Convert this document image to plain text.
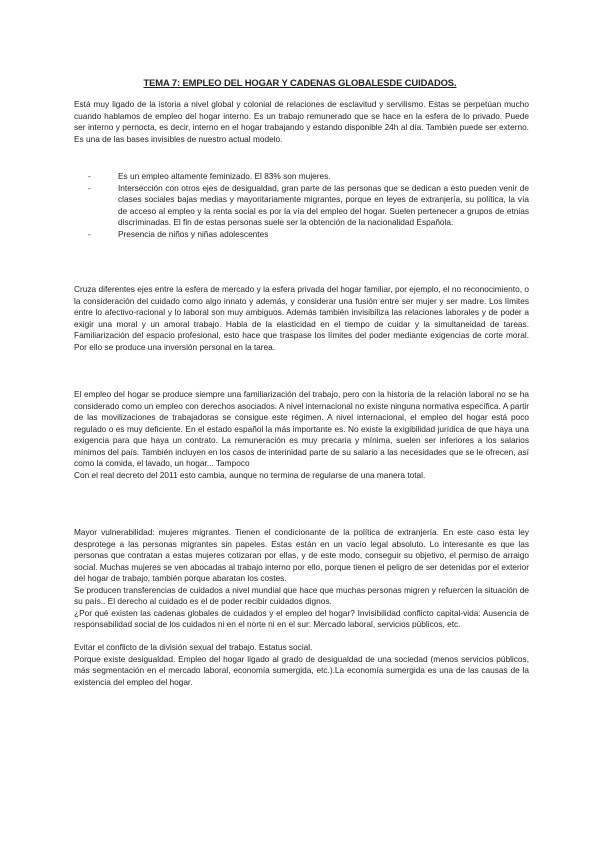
TEMA 7: EMPLEO DEL HOGAR Y CADENAS GLOBALESDE CUIDADOS.

Está muy ligado de la istoria a nivel global y colonial de relaciones de esclavitud y servilismo. Estas se perpetúan mucho cuando hablamos de empleo del hogar interno. Es un trabajo remunerado que se hace en la esfera de lo privado. Puede ser interno y pernocta, es decir, interno en el hogar trabajando y estando disponible 24h al día. También puede ser externo. Es una de las bases invisibles de nuestro actual modelo.

-	Es un empleo altamente feminizado. El 83% son mujeres.
-	Intersección con otros ejes de desigualdad, gran parte de las personas que se dedican a esto pueden venir de clases sociales bajas medias y mayoritariamente migrantes, porque en leyes de extranjería, su política, la vía de acceso al empleo y la renta social es por la vía del empleo del hogar. Suelen pertenecer a grupos de etnias discriminadas. El fin de estas personas suele ser la obtención de la nacionalidad Española.
-	Presencia de niños y niñas adolescentes

Cruza diferentes ejes entre la esfera de mercado y la esfera privada del hogar familiar, por ejemplo, el no reconocimiento, o la consideración del cuidado como algo innato y además, y considerar una fusión entre ser mujer y ser madre. Los límites entre lo afectivo-racional y lo laboral son muy ambiguos. Además también invisibiliza las relaciones laborales y de poder a exigir una moral y un amoral trabajo. Habla de la elasticidad en el tiempo de cuidar y la simultaneidad de tareas. Familiarización del espacio profesional, esto hace que traspase los límites del poder mediante exigencias de corte moral. Por ello se produce una inversión personal en la tarea.

El empleo del hogar se produce siempre una familiarización del trabajo, pero con la historia de la relación laboral no se ha considerado como un empleo con derechos asociados. A nivel internacional no existe ninguna normativa específica. A partir de las movilizaciones de trabajadoras se consigue este régimen. A nivel internacional, el empleo del hogar está poco regulado o es muy deficiente. En el estado español la más importante es. No existe la exigibilidad jurídica de que haya una exigencia para que haya un contrato. La remuneración es muy precaria y mínima, suelen ser inferiores a los salarios mínimos del país. También incluyen en los casos de interinidad parte de su salario a las necesidades que se le ofrecen, así como la comida, el lavado, un hogar... Tampoco

Con el real decreto del 2011 esto cambia, aunque no termina de regularse de una manera total.

Mayor vulnerabilidad: mujeres migrantes. Tienen el condicionante de la política de extranjería. En este caso esta ley desprotege a las personas migrantes sin papeles. Estas están en un vacío legal absoluto. Lo interesante es que las personas que contratan a estas mujeres cotizaran por ellas, y de este modo, conseguir su objetivo, el permiso de arraigo social. Muchas mujeres se ven abocadas al trabajo interno por ello, porque tienen el peligro de ser detenidas por el exterior del hogar de trabajo, también porque abaratan los costes.

Se producen transferencias de cuidados a nivel mundial que hace que muchas personas migren y refuercen la situación de su país.. El derecho al cuidado es el de poder recibir cuidados dignos.

¿Por qué existen las cadenas globales de cuidados y el empleo del hogar? Invisibilidad conflicto capital-vida: Ausencia de responsabilidad social de los cuidados ni en el norte ni en el sur: Mercado laboral, servicios públicos, etc.

Evitar el conflicto de la división sexual del trabajo. Estatus social.

Porque existe desigualdad. Empleo del hogar ligado al grado de desigualdad de una sociedad (menos servicios públicos, más segmentación en el mercado laboral, economía sumergida, etc.).La economía sumergida es una de las causas de la existencia del empleo del hogar.
